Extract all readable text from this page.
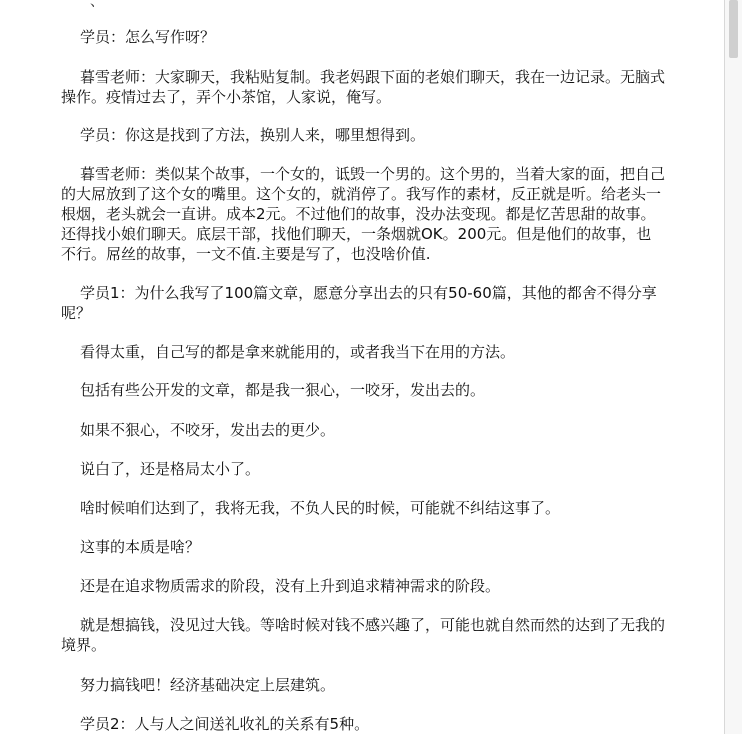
、
学员：怎么写作呀？
暮雪老师：大家聊天，我粘贴复制。我老妈跟下面的老娘们聊天，我在一边记录。无脑式操作。疫情过去了，弄个小茶馆，人家说，俺写。
学员：你这是找到了方法，换别人来，哪里想得到。
暮雪老师：类似某个故事，一个女的，诋毁一个男的。这个男的，当着大家的面，把自己的大屌放到了这个女的嘴里。这个女的，就消停了。我写作的素材，反正就是听。给老头一根烟，老头就会一直讲。成本2元。不过他们的故事，没办法变现。都是忆苦思甜的故事。还得找小娘们聊天。底层干部，找他们聊天，一条烟就OK。200元。但是他们的故事，也不行。屌丝的故事，一文不值.主要是写了，也没啥价值.
学员1：为什么我写了100篇文章，愿意分享出去的只有50-60篇，其他的都舍不得分享呢？
看得太重，自己写的都是拿来就能用的，或者我当下在用的方法。
包括有些公开发的文章，都是我一狠心，一咬牙，发出去的。
如果不狠心，不咬牙，发出去的更少。
说白了，还是格局太小了。
啥时候咱们达到了，我将无我，不负人民的时候，可能就不纠结这事了。
这事的本质是啥？
还是在追求物质需求的阶段，没有上升到追求精神需求的阶段。
就是想搞钱，没见过大钱。等啥时候对钱不感兴趣了，可能也就自然而然的达到了无我的境界。
努力搞钱吧！经济基础决定上层建筑。
学员2：人与人之间送礼收礼的关系有5种。
